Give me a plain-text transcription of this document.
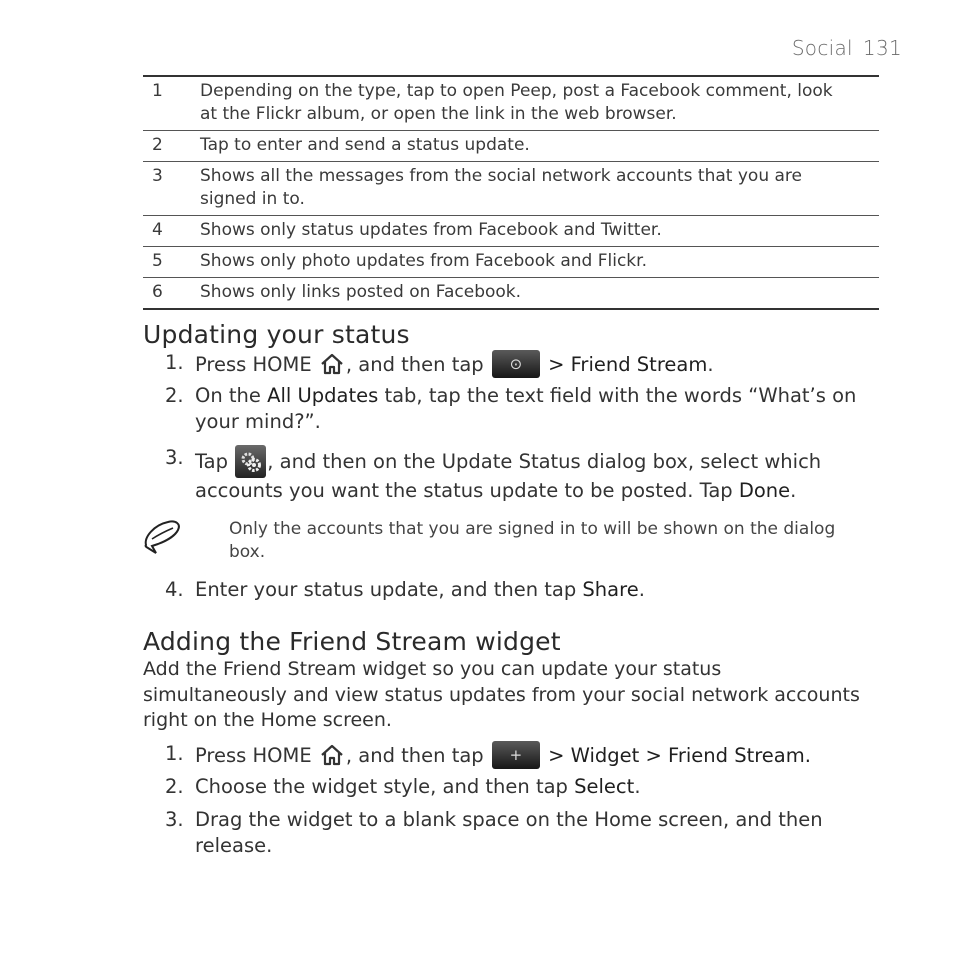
Social 131
1	Depending on the type, tap to open Peep, post a Facebook comment, look at the Flickr album, or open the link in the web browser.
2	Tap to enter and send a status update.
3	Shows all the messages from the social network accounts that you are signed in to.
4	Shows only status updates from Facebook and Twitter.
5	Shows only photo updates from Facebook and Flickr.
6	Shows only links posted on Facebook.
Updating your status
1. Press HOME , and then tap	⊙	> Friend Stream.
2. On the All Updates tab, tap the text field with the words “What’s on your mind?”.
3. Tap
, and then on the Update Status dialog box, select which accounts you want the status update to be posted. Tap Done.
Only the accounts that you are signed in to will be shown on the dialog box.
4. Enter your status update, and then tap Share.
Adding the Friend Stream widget

Add the Friend Stream widget so you can update your status simultaneously and view status updates from your social network accounts right on the Home screen.

1. Press HOME , and then tap	+	> Widget > Friend Stream.
2. Choose the widget style, and then tap Select.
3. Drag the widget to a blank space on the Home screen, and then release.
